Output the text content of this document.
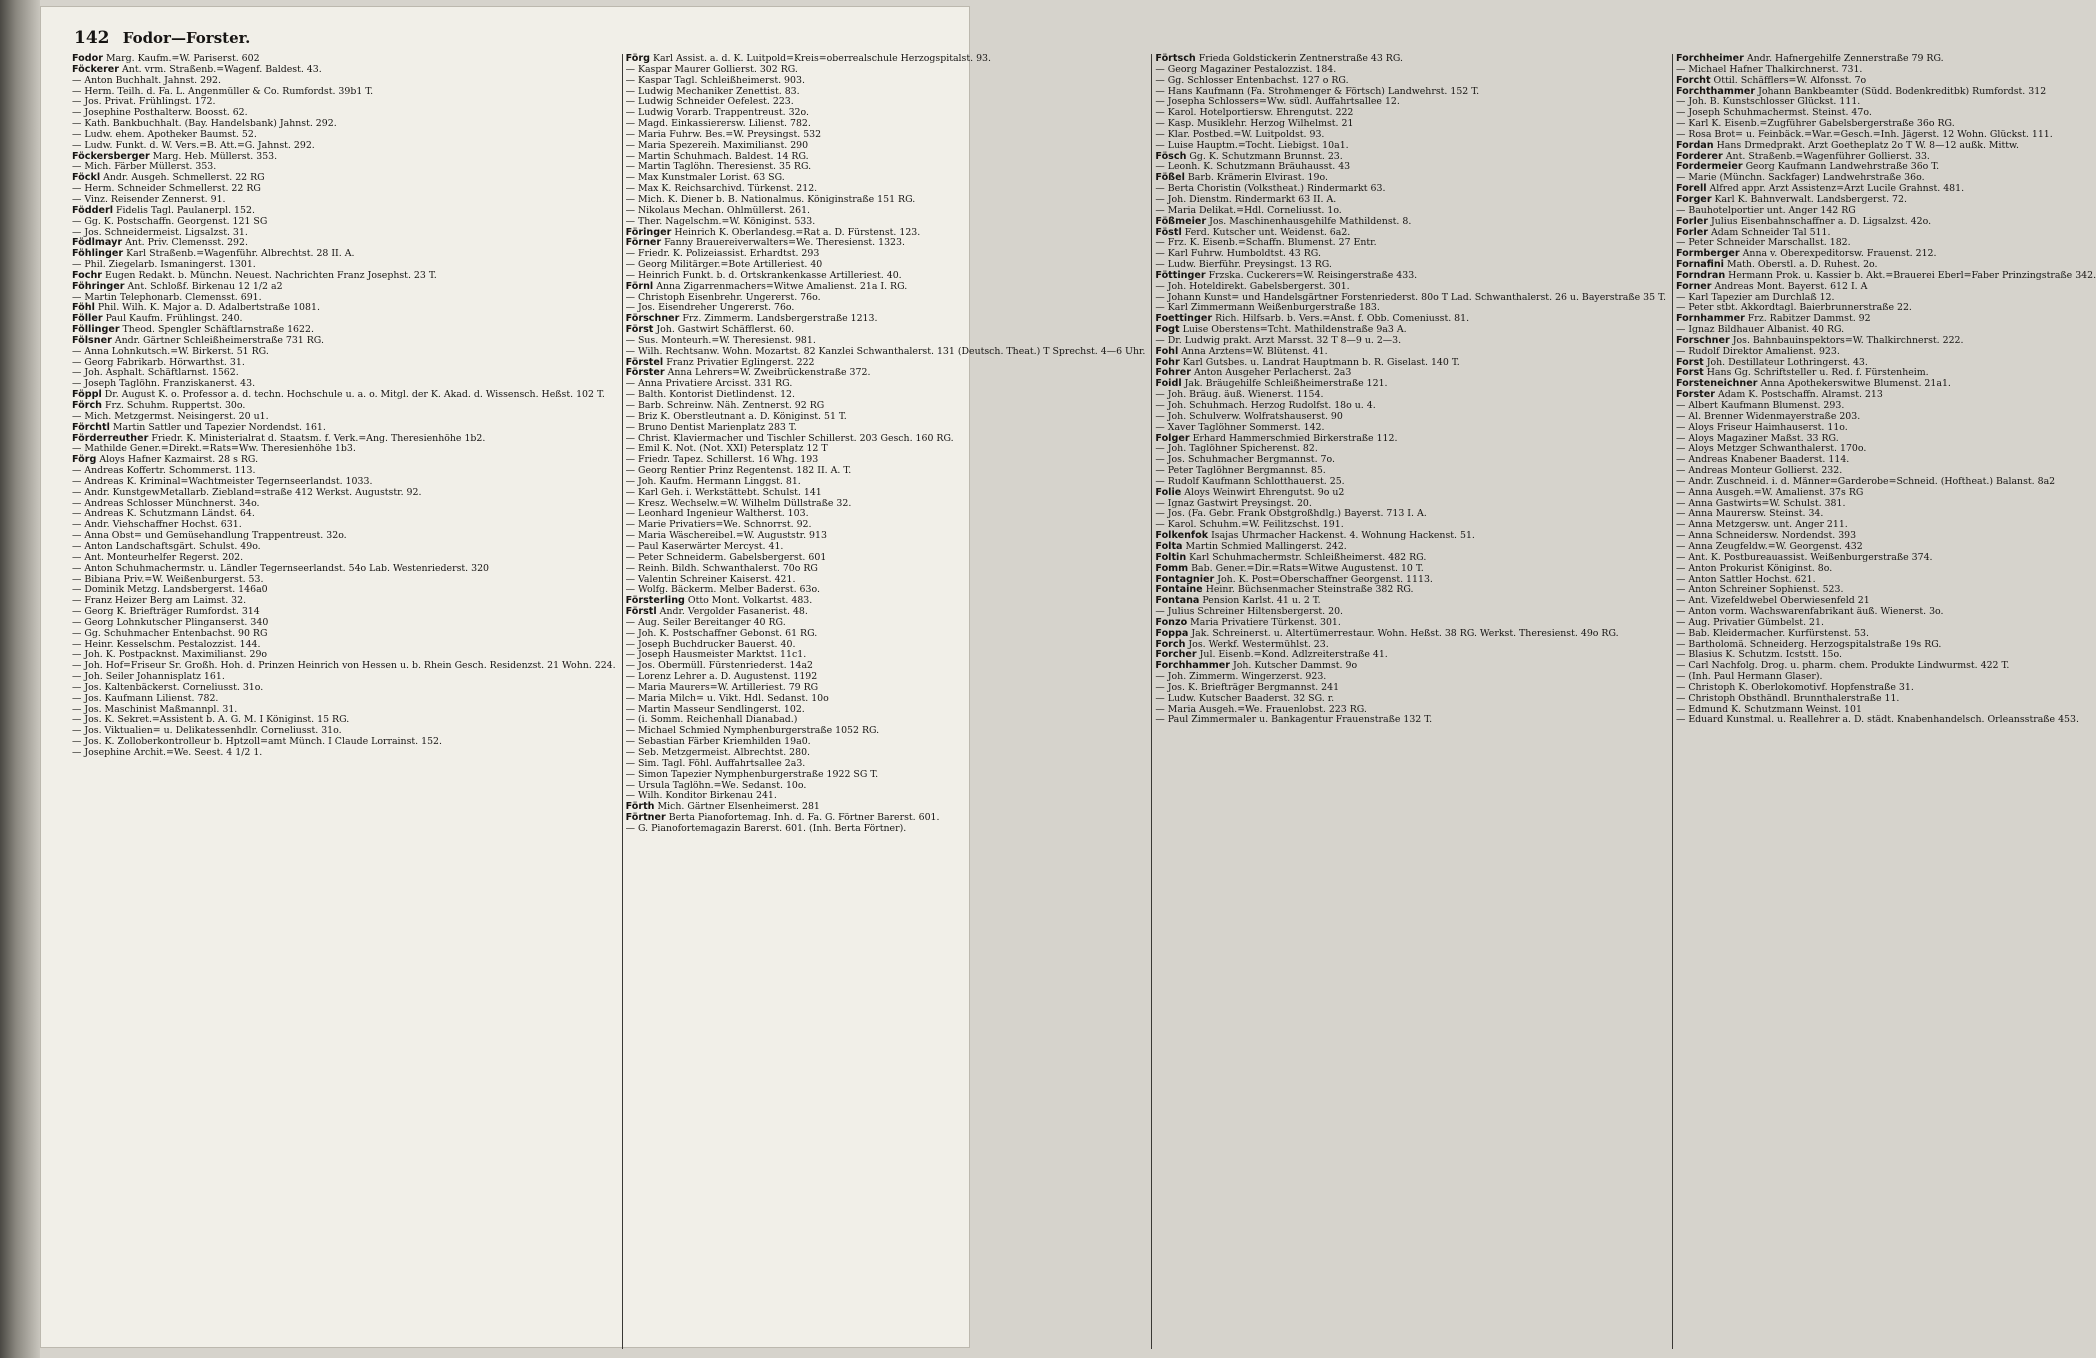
142 Fodor—Forster.
Fodor Marg. Kaufm.=W. Pariserst. 602
Föckerer Ant. vrm. Straßenb.=Wagenf. Baldest. 43.
— Anton Buchhalt. Jahnst. 292.
— Herm. Teilh. d. Fa. L. Angenmüller & Co. Rumfordst. 39b1 T.
— Jos. Privat. Frühlingst. 172.
— Josephine Posthalterw. Boosst. 62.
— Kath. Bankbuchhalt. (Bay. Handelsbank) Jahnst. 292.
— Ludw. ehem. Apotheker Baumst. 52.
— Ludw. Funkt. d. W. Vers.=B. Att.=G. Jahnst. 292.
Föckersberger Marg. Heb. Müllerst. 353.
— Mich. Färber Müllerst. 353.
Föckl Andr. Ausgeh. Schmellerst. 22 RG
— Herm. Schneider Schmellerst. 22 RG
— Vinz. Reisender Zennerst. 91.
Födderl Fidelis Tagl. Paulanerpl. 152.
— Gg. K. Postschaffn. Georgenst. 121 SG
— Jos. Schneidermeist. Ligsalzst. 31.
Födlmayr Ant. Priv. Clemensst. 292.
Föhlinger Karl Straßenb.=Wagenführ. Albrechtst. 28 II. A.
— Phil. Ziegelarb. Ismaningerst. 1301.
Fochr Eugen Redakt. b. Münchn. Neuest. Nachrichten Franz Josephst. 23 T.
Föhringer Ant. Schloßf. Birkenau 12 1/2 a2
— Martin Telephonarb. Clemensst. 691.
Föhl Phil. Wilh. K. Major a. D. Adalbertstraße 1081.
Föller Paul Kaufm. Frühlingst. 240.
Föllinger Theod. Spengler Schäftlarnstraße 1622.
Fölsner Andr. Gärtner Schleißheimerstraße 731 RG.
— Anna Lohnkutsch.=W. Birkerst. 51 RG.
— Georg Fabrikarb. Hörwarthst. 31.
— Joh. Asphalt. Schäftlarnst. 1562.
— Joseph Taglöhn. Franziskanerst. 43.
Föppl Dr. August K. o. Professor a. d. techn. Hochschule u. a. o. Mitgl. der K. Akad. d. Wissensch. Heßst. 102 T.
Förch Frz. Schuhm. Ruppertst. 30o.
— Mich. Metzgermst. Neisingerst. 20 u1.
Förchtl Martin Sattler und Tapezier Nordendst. 161.
Förderreuther Friedr. K. Ministerialrat d. Staatsm. f. Verk.=Ang. Theresienhöhe 1b2.
— Mathilde Gener.=Direkt.=Rats=Ww. Theresienhöhe 1b3.
Förg Aloys Hafner Kazmairst. 28 s RG.
— Andreas Koffertr. Schommerst. 113.
— Andreas K. Kriminal=Wachtmeister Tegernseerlandst. 1033.
— Andr. KunstgewMetallarb. Ziebland=straße 412 Werkst. Auguststr. 92.
— Andreas Schlosser Münchnerst. 34o.
— Andreas K. Schutzmann Ländst. 64.
— Andr. Viehschaffner Hochst. 631.
— Anna Obst= und Gemüsehandlung Trappentreust. 32o.
— Anton Landschaftsgärt. Schulst. 49o.
— Ant. Monteurhelfer Regerst. 202.
— Anton Schuhmachermstr. u. Ländler Tegernseerlandst. 54o Lab. Westenriederst. 320
— Bibiana Priv.=W. Weißenburgerst. 53.
— Dominik Metzg. Landsbergerst. 146a0
— Franz Heizer Berg am Laimst. 32.
— Georg K. Briefträger Rumfordst. 314
— Georg Lohnkutscher Plinganserst. 340
— Gg. Schuhmacher Entenbachst. 90 RG
— Heinr. Kesselschm. Pestalozzist. 144.
— Joh. K. Postpacknst. Maximilianst. 29o
— Joh. Hof=Friseur Sr. Großh. Hoh. d. Prinzen Heinrich von Hessen u. b. Rhein Gesch. Residenzst. 21 Wohn. 224.
— Joh. Seiler Johannisplatz 161.
— Jos. Kaltenbäckerst. Corneliusst. 31o.
— Jos. Kaufmann Lilienst. 782.
— Jos. Maschinist Maßmannpl. 31.
— Jos. K. Sekret.=Assistent b. A. G. M. I Königinst. 15 RG.
— Jos. Viktualien= u. Delikatessenhdlr. Corneliusst. 31o.
— Jos. K. Zolloberkontrolleur b. Hptzoll=amt Münch. I Claude Lorrainst. 152.
— Josephine Archit.=We. Seest. 4 1/2 1.
Förg Karl Assist. a. d. K. Luitpold=Kreis=oberrealschule Herzogspitalst. 93.
— Kaspar Maurer Gollierst. 302 RG.
— Kaspar Tagl. Schleißheimerst. 903.
— Ludwig Mechaniker Zenettist. 83.
— Ludwig Schneider Oefelest. 223.
— Ludwig Vorarb. Trappentreust. 32o.
— Magd. Einkassierersw. Lilienst. 782.
— Maria Fuhrw. Bes.=W. Preysingst. 532
— Maria Spezereih. Maximilianst. 290
— Martin Schuhmach. Baldest. 14 RG.
— Martin Taglöhn. Theresienst. 35 RG.
— Max Kunstmaler Lorist. 63 SG.
— Max K. Reichsarchivd. Türkenst. 212.
— Mich. K. Diener b. B. Nationalmus. Königinstraße 151 RG.
— Nikolaus Mechan. Ohlmüllerst. 261.
— Ther. Nagelschm.=W. Königinst. 533.
Föringer Heinrich K. Oberlandesg.=Rat a. D. Fürstenst. 123.
Förner Fanny Brauereiverwalters=We. Theresienst. 1323.
— Friedr. K. Polizeiassist. Erhardtst. 293
— Georg Militärger.=Bote Artilleriest. 40
— Heinrich Funkt. b. d. Ortskrankenkasse Artilleriest. 40.
Förnl Anna Zigarrenmachers=Witwe Amalienst. 21a I. RG.
— Christoph Eisenbrehr. Ungererst. 76o.
— Jos. Eisendreher Ungererst. 76o.
Förschner Frz. Zimmerm. Landsbergerstraße 1213.
Först Joh. Gastwirt Schäfflerst. 60.
— Sus. Monteurh.=W. Theresienst. 981.
— Wilh. Rechtsanw. Wohn. Mozartst. 82 Kanzlei Schwanthalerst. 131 (Deutsch. Theat.) T Sprechst. 4—6 Uhr.
Förstel Franz Privatier Eglingerst. 222
Förster Anna Lehrers=W. Zweibrückenstraße 372.
— Anna Privatiere Arcisst. 331 RG.
— Balth. Kontorist Dietlindenst. 12.
— Barb. Schreinw. Näh. Zentnerst. 92 RG
— Briz K. Oberstleutnant a. D. Königinst. 51 T.
— Bruno Dentist Marienplatz 283 T.
— Christ. Klaviermacher und Tischler Schillerst. 203 Gesch. 160 RG.
— Emil K. Not. (Not. XXI) Petersplatz 12 T
— Friedr. Tapez. Schillerst. 16 Whg. 193
— Georg Rentier Prinz Regentenst. 182 II. A. T.
— Joh. Kaufm. Hermann Linggst. 81.
— Karl Geh. i. Werkstättebt. Schulst. 141
— Kresz. Wechselw.=W. Wilhelm Düllstraße 32.
— Leonhard Ingenieur Waltherst. 103.
— Marie Privatiers=We. Schnorrst. 92.
— Maria Wäschereibel.=W. Auguststr. 913
— Paul Kaserwärter Mercyst. 41.
— Peter Schneiderm. Gabelsbergerst. 601
— Reinh. Bildh. Schwanthalerst. 70o RG
— Valentin Schreiner Kaiserst. 421.
— Wolfg. Bäckerm. Melber Baderst. 63o.
Försterling Otto Mont. Volkartst. 483.
Förstl Andr. Vergolder Fasanerist. 48.
— Aug. Seiler Bereitanger 40 RG.
— Joh. K. Postschaffner Gebonst. 61 RG.
— Joseph Buchdrucker Bauerst. 40.
— Joseph Hausmeister Marktst. 11c1.
— Jos. Obermüll. Fürstenriederst. 14a2
— Lorenz Lehrer a. D. Augustenst. 1192
— Maria Maurers=W. Artilleriest. 79 RG
— Maria Milch= u. Vikt. Hdl. Sedanst. 10o
— Martin Masseur Sendlingerst. 102.
— (i. Somm. Reichenhall Dianabad.)
— Michael Schmied Nymphenburgerstraße 1052 RG.
— Sebastian Färber Kriemhilden 19a0.
— Seb. Metzgermeist. Albrechtst. 280.
— Sim. Tagl. Föhl. Auffahrtsallee 2a3.
— Simon Tapezier Nymphenburgerstraße 1922 SG T.
— Ursula Taglöhn.=We. Sedanst. 10o.
— Wilh. Konditor Birkenau 241.
Förth Mich. Gärtner Elsenheimerst. 281
Förtner Berta Pianofortemag. Inh. d. Fa. G. Förtner Barerst. 601.
— G. Pianofortemagazin Barerst. 601. (Inh. Berta Förtner).
Förtsch Frieda Goldstickerin Zentnerstraße 43 RG.
— Georg Magaziner Pestalozzist. 184.
— Gg. Schlosser Entenbachst. 127 o RG.
— Hans Kaufmann (Fa. Strohmenger & Förtsch) Landwehrst. 152 T.
— Josepha Schlossers=Ww. südl. Auffahrtsallee 12.
— Karol. Hotelportiersw. Ehrengutst. 222
— Kasp. Musiklehr. Herzog Wilhelmst. 21
— Klar. Postbed.=W. Luitpoldst. 93.
— Luise Hauptm.=Tocht. Liebigst. 10a1.
Fösch Gg. K. Schutzmann Brunnst. 23.
— Leonh. K. Schutzmann Bräuhausst. 43
Fößel Barb. Krämerin Elvirast. 19o.
— Berta Choristin (Volkstheat.) Rindermarkt 63.
— Joh. Dienstm. Rindermarkt 63 II. A.
— Maria Delikat.=Hdl. Corneliusst. 1o.
Fößmeier Jos. Maschinenhausgehilfe Mathildenst. 8.
Föstl Ferd. Kutscher unt. Weidenst. 6a2.
— Frz. K. Eisenb.=Schaffn. Blumenst. 27 Entr.
— Karl Fuhrw. Humboldtst. 43 RG.
— Ludw. Bierführ. Preysingst. 13 RG.
Föttinger Frzska. Cuckerers=W. Reisingerstraße 433.
— Joh. Hoteldirekt. Gabelsbergerst. 301.
— Johann Kunst= und Handelsgärtner Forstenriederst. 80o T Lad. Schwanthalerst. 26 u. Bayerstraße 35 T.
— Karl Zimmermann Weißenburgerstraße 183.
Foettinger Rich. Hilfsarb. b. Vers.=Anst. f. Obb. Comeniusst. 81.
Fogt Luise Oberstens=Tcht. Mathildenstraße 9a3 A.
— Dr. Ludwig prakt. Arzt Marsst. 32 T 8—9 u. 2—3.
Fohl Anna Arztens=W. Blütenst. 41.
Fohr Karl Gutsbes. u. Landrat Hauptmann b. R. Giselast. 140 T.
Fohrer Anton Ausgeher Perlacherst. 2a3
Foidl Jak. Bräugehilfe Schleißheimerstraße 121.
— Joh. Bräug. äuß. Wienerst. 1154.
— Joh. Schuhmach. Herzog Rudolfst. 18o u. 4.
— Joh. Schulverw. Wolfratshauserst. 90
— Xaver Taglöhner Sommerst. 142.
Folger Erhard Hammerschmied Birkerstraße 112.
— Joh. Taglöhner Spicherenst. 82.
— Jos. Schuhmacher Bergmannst. 7o.
— Peter Taglöhner Bergmannst. 85.
— Rudolf Kaufmann Schlotthauerst. 25.
Folie Aloys Weinwirt Ehrengutst. 9o u2
— Ignaz Gastwirt Preysingst. 20.
— Jos. (Fa. Gebr. Frank Obstgroßhdlg.) Bayerst. 713 I. A.
— Karol. Schuhm.=W. Feilitzschst. 191.
Folkenfok Isajas Uhrmacher Hackenst. 4. Wohnung Hackenst. 51.
Folta Martin Schmied Mallingerst. 242.
Foltin Karl Schuhmachermstr. Schleißheimerst. 482 RG.
Fomm Bab. Gener.=Dir.=Rats=Witwe Augustenst. 10 T.
Fontagnier Joh. K. Post=Oberschaffner Georgenst. 1113.
Fontaine Heinr. Büchsenmacher Steinstraße 382 RG.
Fontana Pension Karlst. 41 u. 2 T.
— Julius Schreiner Hiltensbergerst. 20.
Fonzo Maria Privatiere Türkenst. 301.
Foppa Jak. Schreinerst. u. Altertümerrestaur. Wohn. Heßst. 38 RG. Werkst. Theresienst. 49o RG.
Forch Jos. Werkf. Westermühlst. 23.
Forcher Jul. Eisenb.=Kond. Adlzreiterstraße 41.
Forchhammer Joh. Kutscher Dammst. 9o
— Joh. Zimmerm. Wingerzerst. 923.
— Jos. K. Briefträger Bergmannst. 241
— Ludw. Kutscher Baaderst. 32 SG. r.
— Maria Ausgeh.=We. Frauenlobst. 223 RG.
— Paul Zimmermaler u. Bankagentur Frauenstraße 132 T.
Forchheimer Andr. Hafnergehilfe Zennerstraße 79 RG.
— Michael Hafner Thalkirchnerst. 731.
Forcht Ottil. Schäfflers=W. Alfonsst. 7o
Forchthammer Johann Bankbeamter (Südd. Bodenkreditbk) Rumfordst. 312
— Joh. B. Kunstschlosser Glückst. 111.
— Joseph Schuhmachermst. Steinst. 47o.
— Karl K. Eisenb.=Zugführer Gabelsbergerstraße 36o RG.
— Rosa Brot= u. Feinbäck.=War.=Gesch.=Inh. Jägerst. 12 Wohn. Glückst. 111.
Fordan Hans Drmedprakt. Arzt Goetheplatz 2o T W. 8—12 außk. Mittw.
Forderer Ant. Straßenb.=Wagenführer Gollierst. 33.
Fordermeier Georg Kaufmann Landwehrstraße 36o T.
— Marie (Münchn. Sackfager) Landwehrstraße 36o.
Forell Alfred appr. Arzt Assistenz=Arzt Lucile Grahnst. 481.
Forger Karl K. Bahnverwalt. Landsbergerst. 72.
— Bauhotelportier unt. Anger 142 RG
Forler Julius Eisenbahnschaffner a. D. Ligsalzst. 42o.
Forler Adam Schneider Tal 511.
— Peter Schneider Marschallst. 182.
Formberger Anna v. Oberexpeditorsw. Frauenst. 212.
Fornafini Math. Oberstl. a. D. Ruhest. 2o.
Forndran Hermann Prok. u. Kassier b. Akt.=Brauerei Eberl=Faber Prinzingstraße 342.
Forner Andreas Mont. Bayerst. 612 I. A
— Karl Tapezier am Durchlaß 12.
— Peter stbt. Akkordtagl. Baierbrunnerstraße 22.
Fornhammer Frz. Rabitzer Dammst. 92
— Ignaz Bildhauer Albanist. 40 RG.
Forschner Jos. Bahnbauinspektors=W. Thalkirchnerst. 222.
— Rudolf Direktor Amalienst. 923.
Forst Joh. Destillateur Lothringerst. 43.
Forst Hans Gg. Schriftsteller u. Red. f. Fürstenheim.
Forsteneichner Anna Apothekerswitwe Blumenst. 21a1.
Forster Adam K. Postschaffn. Alramst. 213
— Albert Kaufmann Blumenst. 293.
— Al. Brenner Widenmayerstraße 203.
— Aloys Friseur Haimhauserst. 11o.
— Aloys Magaziner Maßst. 33 RG.
— Aloys Metzger Schwanthalerst. 170o.
— Andreas Knabener Baaderst. 114.
— Andreas Monteur Gollierst. 232.
— Andr. Zuschneid. i. d. Männer=Garderobe=Schneid. (Hoftheat.) Balanst. 8a2
— Anna Ausgeh.=W. Amalienst. 37s RG
— Anna Gastwirts=W. Schulst. 381.
— Anna Maurersw. Steinst. 34.
— Anna Metzgersw. unt. Anger 211.
— Anna Schneidersw. Nordendst. 393
— Anna Zeugfeldw.=W. Georgenst. 432
— Ant. K. Postbureauassist. Weißenburgerstraße 374.
— Anton Prokurist Königinst. 8o.
— Anton Sattler Hochst. 621.
— Anton Schreiner Sophienst. 523.
— Ant. Vizefeldwebel Oberwiesenfeld 21
— Anton vorm. Wachswarenfabrikant äuß. Wienerst. 3o.
— Aug. Privatier Gümbelst. 21.
— Bab. Kleidermacher. Kurfürstenst. 53.
— Bartholomä. Schneiderg. Herzogspitalstraße 19s RG.
— Blasius K. Schutzm. Icststt. 15o.
— Carl Nachfolg. Drog. u. pharm. chem. Produkte Lindwurmst. 422 T.
— (Inh. Paul Hermann Glaser).
— Christoph K. Oberlokomotivf. Hopfenstraße 31.
— Christoph Obsthändl. Brunnthalerstraße 11.
— Edmund K. Schutzmann Weinst. 101
— Eduard Kunstmal. u. Reallehrer a. D. städt. Knabenhandelsch. Orleansstraße 453.
